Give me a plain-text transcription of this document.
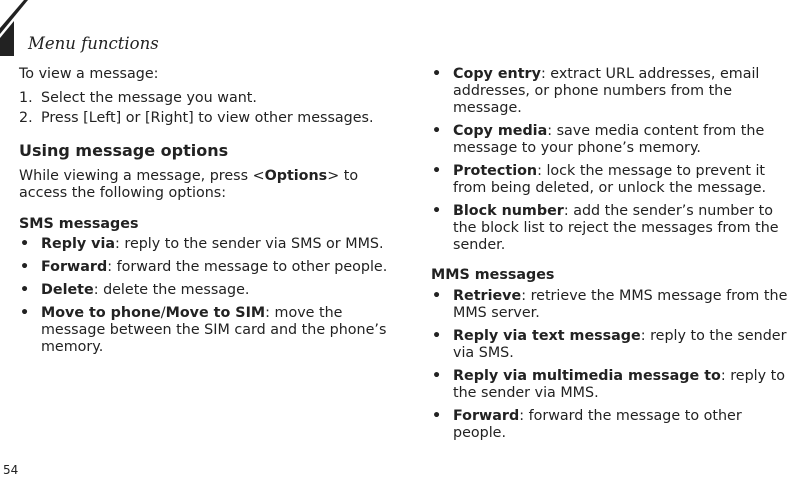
Menu functions

To view a message:

1. Select the message you want.
2. Press [Left] or [Right] to view other messages.
Using message options

While viewing a message, press <Options> to access the following options:

SMS messages
• Reply via: reply to the sender via SMS or MMS.
• Forward: forward the message to other people.
• Delete: delete the message.
• Move to phone/Move to SIM: move the message between the SIM card and the phone’s memory.
• Copy entry: extract URL addresses, email addresses, or phone numbers from the message.
• Copy media: save media content from the message to your phone’s memory.
• Protection: lock the message to prevent it from being deleted, or unlock the message.
• Block number: add the sender’s number to the block list to reject the messages from the sender.
MMS messages
• Retrieve: retrieve the MMS message from the MMS server.
• Reply via text message: reply to the sender via SMS.
• Reply via multimedia message to: reply to the sender via MMS.
• Forward: forward the message to other people.
54
